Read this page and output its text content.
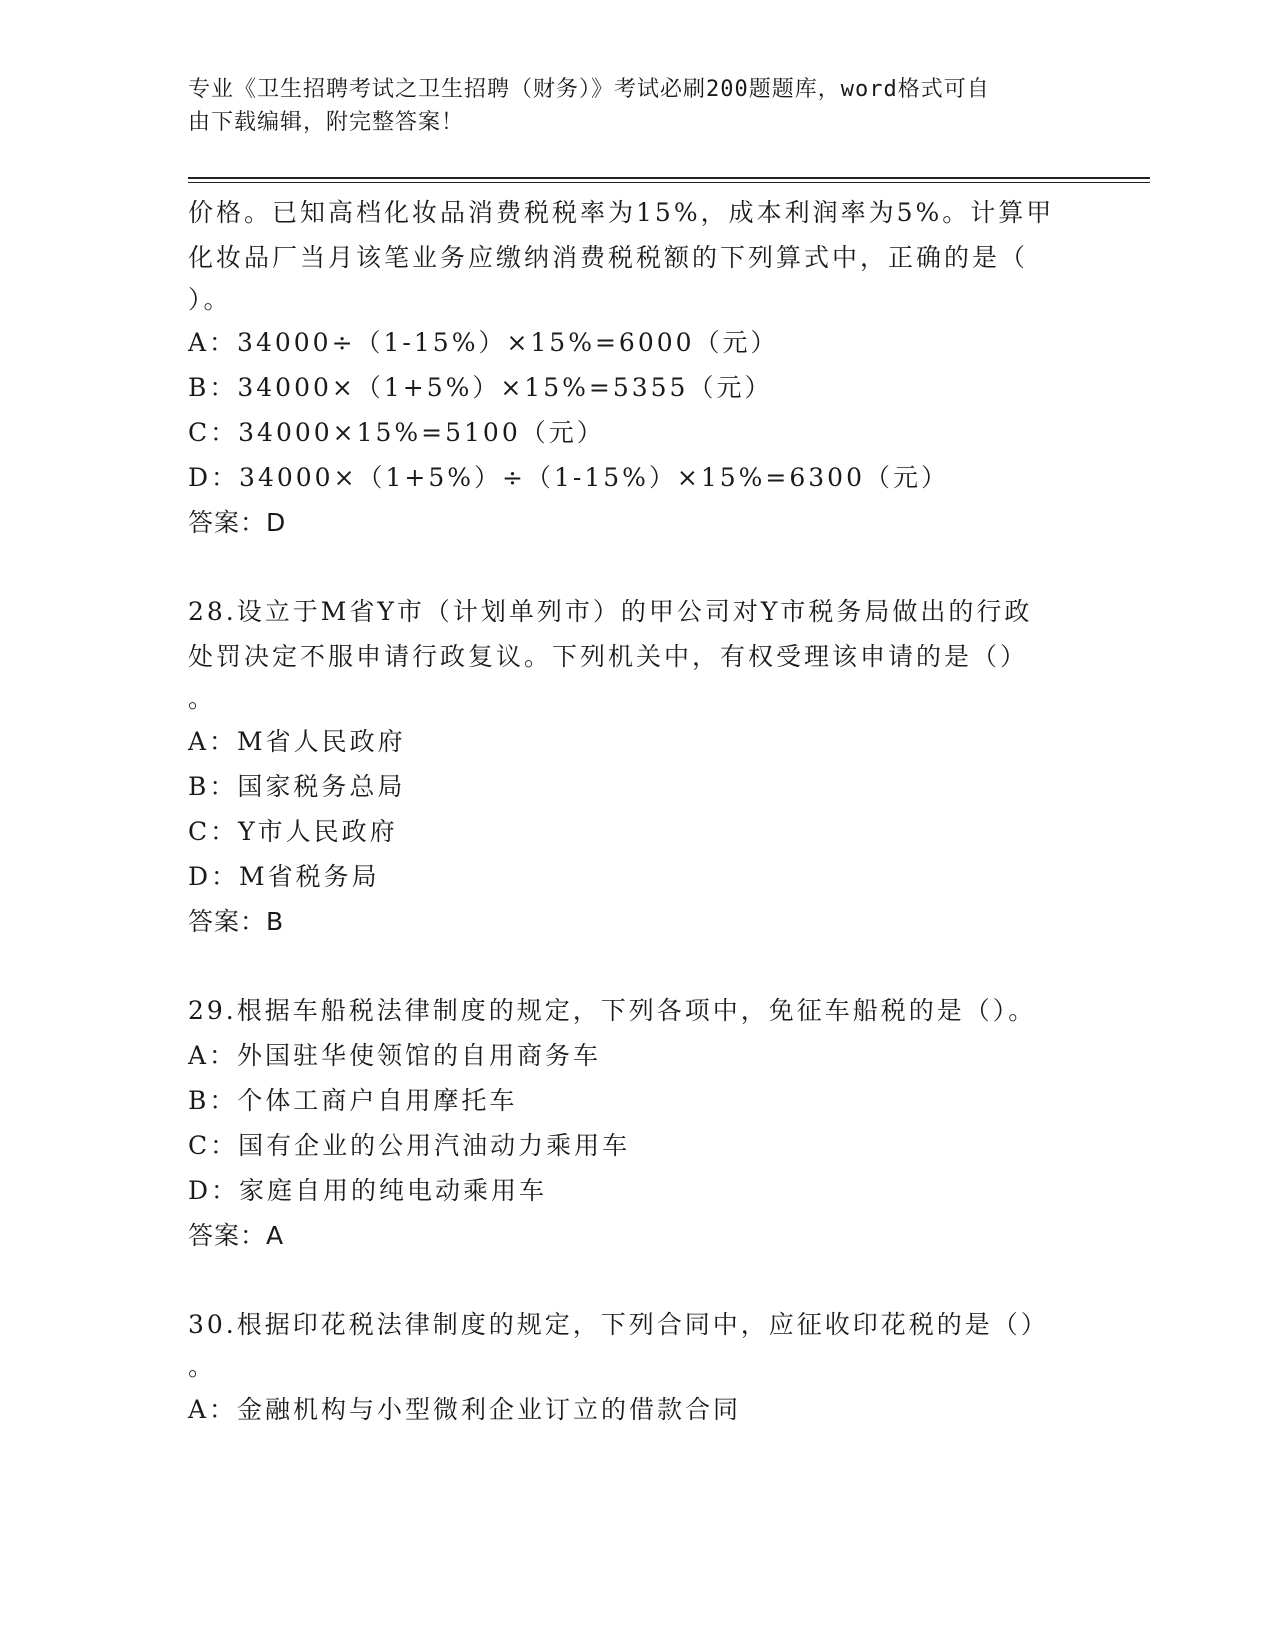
专业《卫生招聘考试之卫生招聘（财务）》考试必刷200题题库，word格式可自
由下载编辑，附完整答案！
价格。已知高档化妆品消费税税率为15%，成本利润率为5%。计算甲
化妆品厂当月该笔业务应缴纳消费税税额的下列算式中，正确的是（
）。
A：34000÷（1-15%）×15%=6000（元）
B：34000×（1+5%）×15%=5355（元）
C：34000×15%=5100（元）
D：34000×（1+5%）÷（1-15%）×15%=6300（元）
答案：D
28.设立于M省Y市（计划单列市）的甲公司对Y市税务局做出的行政
处罚决定不服申请行政复议。下列机关中，有权受理该申请的是（）
。
A：M省人民政府
B：国家税务总局
C：Y市人民政府
D：M省税务局
答案：B
29.根据车船税法律制度的规定，下列各项中，免征车船税的是（）。
A：外国驻华使领馆的自用商务车
B：个体工商户自用摩托车
C：国有企业的公用汽油动力乘用车
D：家庭自用的纯电动乘用车
答案：A
30.根据印花税法律制度的规定，下列合同中，应征收印花税的是（）
。
A：金融机构与小型微利企业订立的借款合同
